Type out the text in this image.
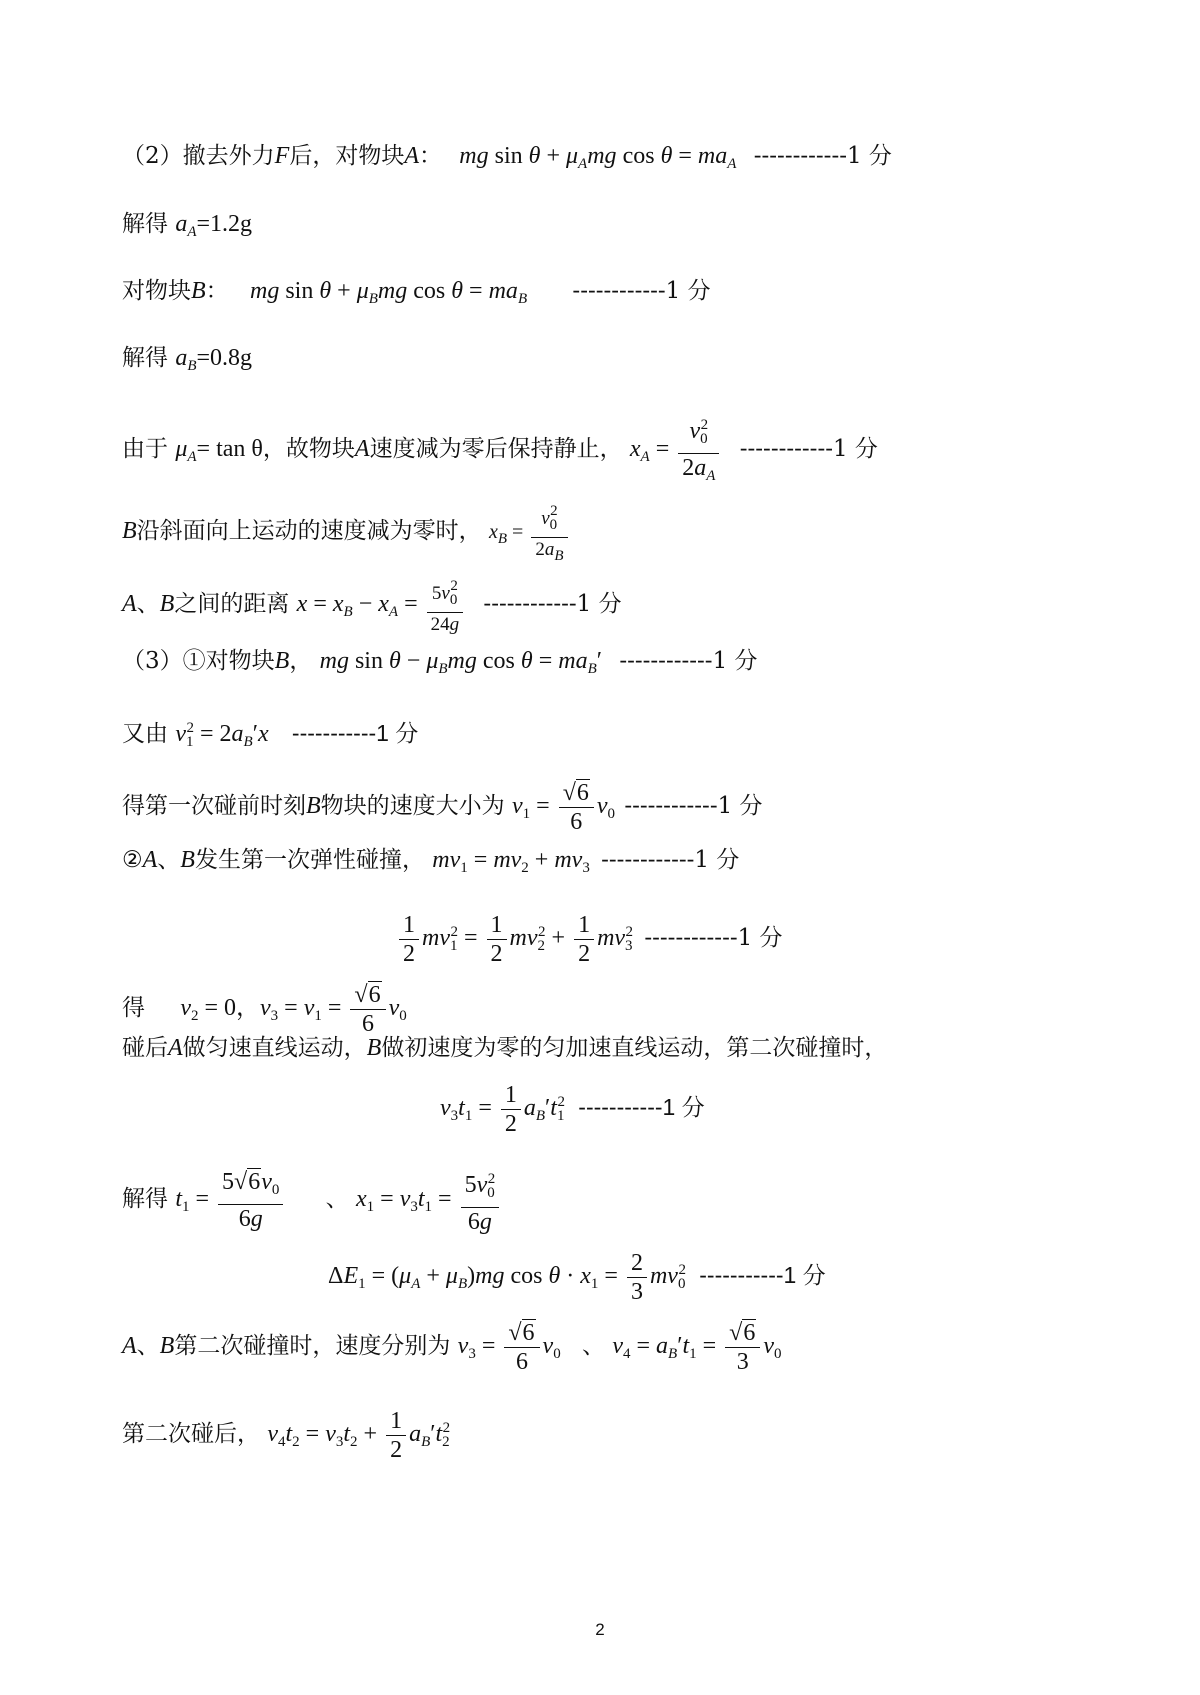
（2）撤去外力F后，对物块A： mg $\sin \theta + \mu_Amg$ $\cos \theta = ma_A$ ------------1 分
解得 $a_A=1.2g$
对物块B： mg $\sin \theta + \mu_Bmg$ $\cos \theta = ma_B$ ------------1 分
解得 $a_B=0.8g$
由于 $\mu_A= \tan \theta$，故物块A速度减为零后保持静止， $x_A = \frac{v_0^2}{2a_A} ------------1$ 分
B沿斜面向上运动的速度减为零时， $x_B = \frac{v_0^2}{2a_B}$
A、B之间的距离 $x = x_B - x_A = \frac{5v_0^2}{24g} ------------1$ 分
（3）①对物块B， mg $\sin \theta - \mu_Bmg$ $\cos \theta = ma_B'$ ------------1 分
又由 $v_1^2 = 2a_B'x$ -----------1 分
得第一次碰前时刻B物块的速度大小为 $v_1 = \frac{√6}{6} v_0$ ------------1 分
②A、B发生第一次弹性碰撞， $mv_1 = mv_2 + mv_3$ ------------1 分
$\frac{1}{2} mv_1^2 = \frac{1}{2} mv_2^2 + \frac{1}{2} mv_3^2$ ------------1 分
得 $v_2 = 0$，$v_3 = v_1 = \frac{√6}{6} v_0$
碰后A做匀速直线运动，B做初速度为零的匀加速直线运动，第二次碰撞时，
$v_3t_1 = \frac{1}{2} a_B't_1^2$ -----------1 分
解得 $t_1 = \frac{5√6v_0}{6g}$ 、 $x_1 = v_3t_1 = \frac{5v_0^2}{6g}$
$\Delta E_1 = (\mu_A + \mu_B)mg$ $\cos \theta \cdot x_1 = \frac{2}{3} mv_0^2$ -----------1 分
A、B第二次碰撞时，速度分别为 $v_3 = \frac{√6}{6} v_0$ 、 $v_4 = a_B't_1 = \frac{√6}{3} v_0$
第二次碰后， $v_4t_2 = v_3t_2 + \frac{1}{2} a_B't_2^2$
2
